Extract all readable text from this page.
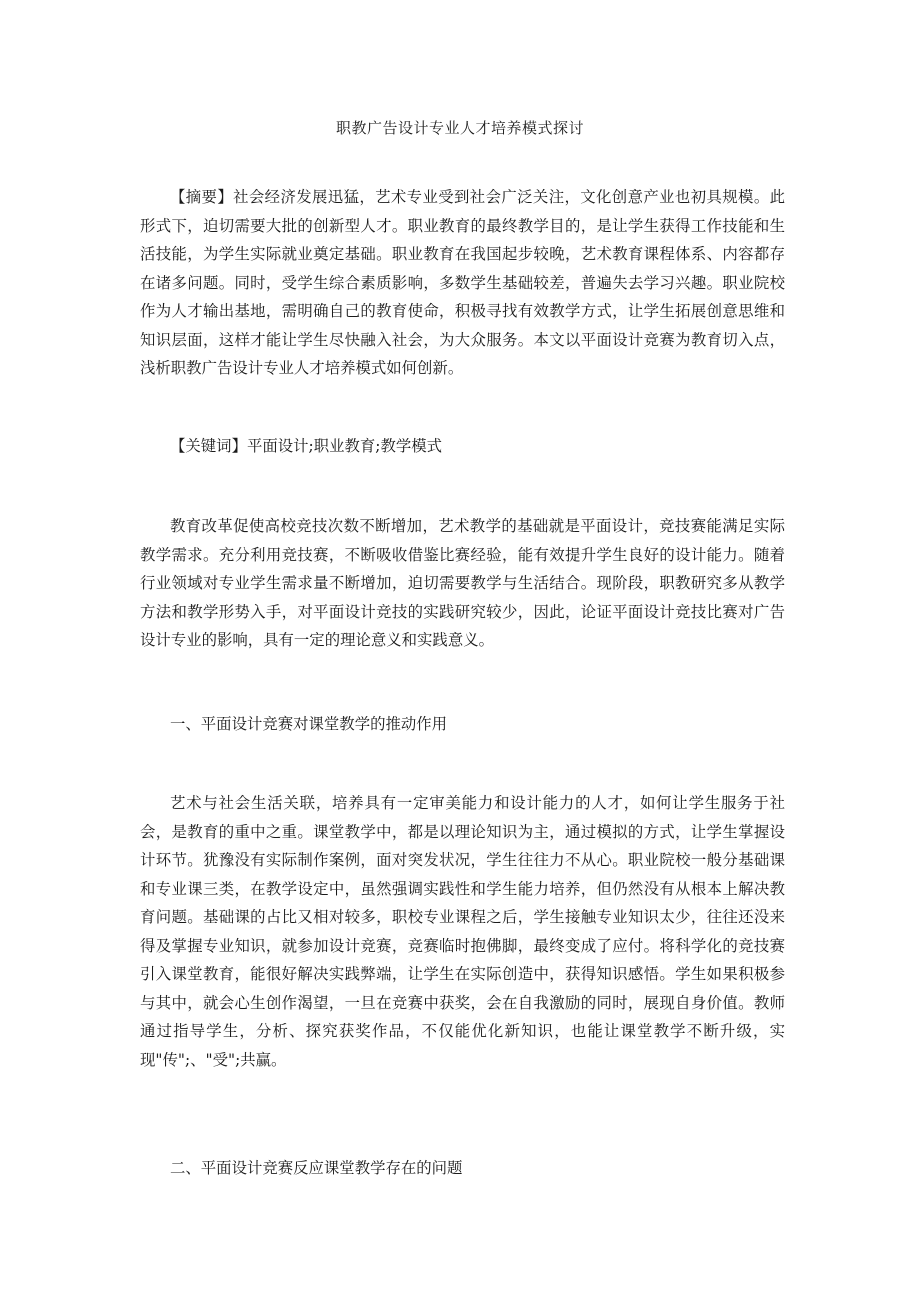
职教广告设计专业人才培养模式探讨

【摘要】社会经济发展迅猛，艺术专业受到社会广泛关注，文化创意产业也初具规模。此形式下，迫切需要大批的创新型人才。职业教育的最终教学目的，是让学生获得工作技能和生活技能，为学生实际就业奠定基础。职业教育在我国起步较晚，艺术教育课程体系、内容都存在诸多问题。同时，受学生综合素质影响，多数学生基础较差，普遍失去学习兴趣。职业院校作为人才输出基地，需明确自己的教育使命，积极寻找有效教学方式，让学生拓展创意思维和知识层面，这样才能让学生尽快融入社会，为大众服务。本文以平面设计竞赛为教育切入点，浅析职教广告设计专业人才培养模式如何创新。

【关键词】平面设计;职业教育;教学模式

教育改革促使高校竞技次数不断增加，艺术教学的基础就是平面设计，竞技赛能满足实际教学需求。充分利用竞技赛，不断吸收借鉴比赛经验，能有效提升学生良好的设计能力。随着行业领域对专业学生需求量不断增加，迫切需要教学与生活结合。现阶段，职教研究多从教学方法和教学形势入手，对平面设计竞技的实践研究较少，因此，论证平面设计竞技比赛对广告设计专业的影响，具有一定的理论意义和实践意义。

一、平面设计竞赛对课堂教学的推动作用

艺术与社会生活关联，培养具有一定审美能力和设计能力的人才，如何让学生服务于社会，是教育的重中之重。课堂教学中，都是以理论知识为主，通过模拟的方式，让学生掌握设计环节。犹豫没有实际制作案例，面对突发状况，学生往往力不从心。职业院校一般分基础课和专业课三类，在教学设定中，虽然强调实践性和学生能力培养，但仍然没有从根本上解决教育问题。基础课的占比又相对较多，职校专业课程之后，学生接触专业知识太少，往往还没来得及掌握专业知识，就参加设计竞赛，竞赛临时抱佛脚，最终变成了应付。将科学化的竞技赛引入课堂教育，能很好解决实践弊端，让学生在实际创造中，获得知识感悟。学生如果积极参与其中，就会心生创作渴望，一旦在竞赛中获奖，会在自我激励的同时，展现自身价值。教师通过指导学生，分析、探究获奖作品，不仅能优化新知识，也能让课堂教学不断升级，实现"传";、"受";共赢。

二、平面设计竞赛反应课堂教学存在的问题
